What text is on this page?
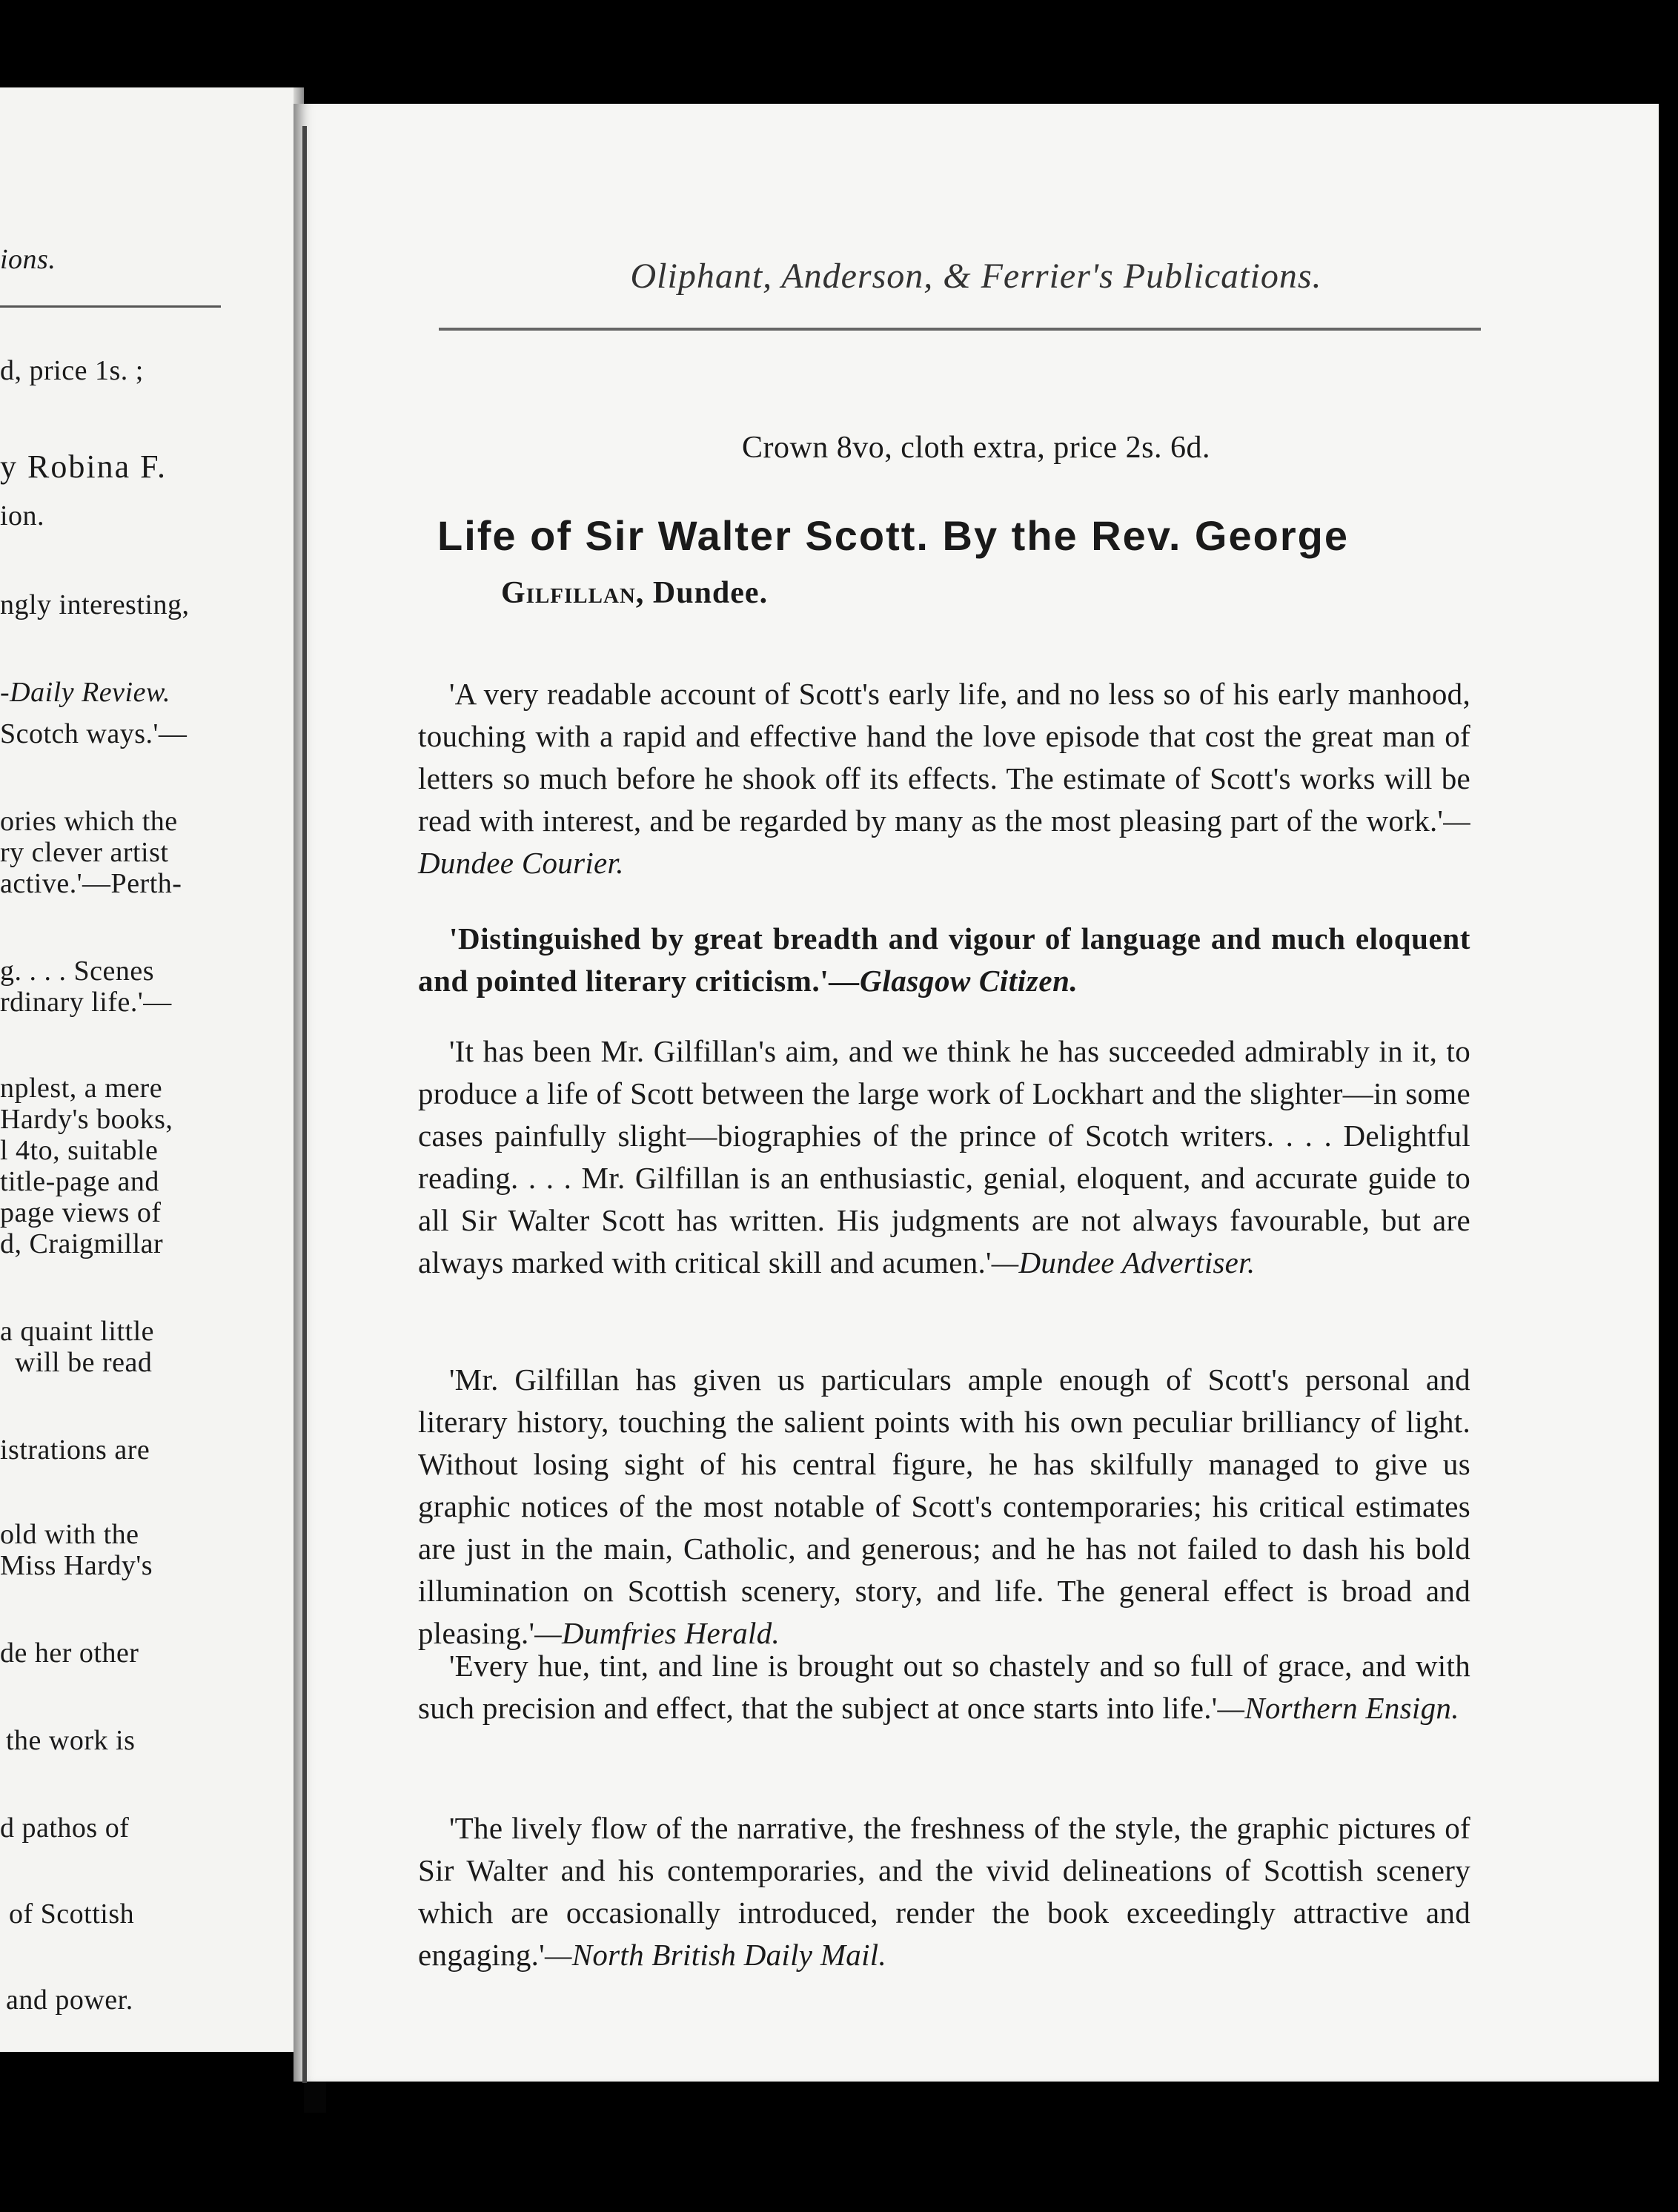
ions.
d, price 1s. ;
y Robina F.
ion.
ngly interesting,
-Daily Review.
Scotch ways.'—
ories which the
ry clever artist
active.'—Perth-
g. . . . Scenes
rdinary life.'—
nplest, a mere
Hardy's books,
l 4to, suitable
title-page and
page views of
d, Craigmillar
a quaint little
will be read
istrations are
old with the
Miss Hardy's
de her other
the work is
d pathos of
of Scottish
and power.
Oliphant, Anderson, & Ferrier's Publications.
Crown 8vo, cloth extra, price 2s. 6d.
Life of Sir Walter Scott. By the Rev. George
Gilfillan, Dundee.
'A very readable account of Scott's early life, and no less so of his early manhood, touching with a rapid and effective hand the love episode that cost the great man of letters so much before he shook off its effects. The estimate of Scott's works will be read with interest, and be regarded by many as the most pleasing part of the work.'—Dundee Courier.
'Distinguished by great breadth and vigour of language and much eloquent and pointed literary criticism.'—Glasgow Citizen.
'It has been Mr. Gilfillan's aim, and we think he has succeeded admirably in it, to produce a life of Scott between the large work of Lockhart and the slighter—in some cases painfully slight—biographies of the prince of Scotch writers. . . . Delightful reading. . . . Mr. Gilfillan is an enthusiastic, genial, eloquent, and accurate guide to all Sir Walter Scott has written. His judgments are not always favourable, but are always marked with critical skill and acumen.'—Dundee Advertiser.
'Mr. Gilfillan has given us particulars ample enough of Scott's personal and literary history, touching the salient points with his own peculiar brilliancy of light. Without losing sight of his central figure, he has skilfully managed to give us graphic notices of the most notable of Scott's contemporaries; his critical estimates are just in the main, Catholic, and generous; and he has not failed to dash his bold illumination on Scottish scenery, story, and life. The general effect is broad and pleasing.'—Dumfries Herald.
'Every hue, tint, and line is brought out so chastely and so full of grace, and with such precision and effect, that the subject at once starts into life.'—Northern Ensign.
'The lively flow of the narrative, the freshness of the style, the graphic pictures of Sir Walter and his contemporaries, and the vivid delineations of Scottish scenery which are occasionally introduced, render the book exceedingly attractive and engaging.'—North British Daily Mail.
